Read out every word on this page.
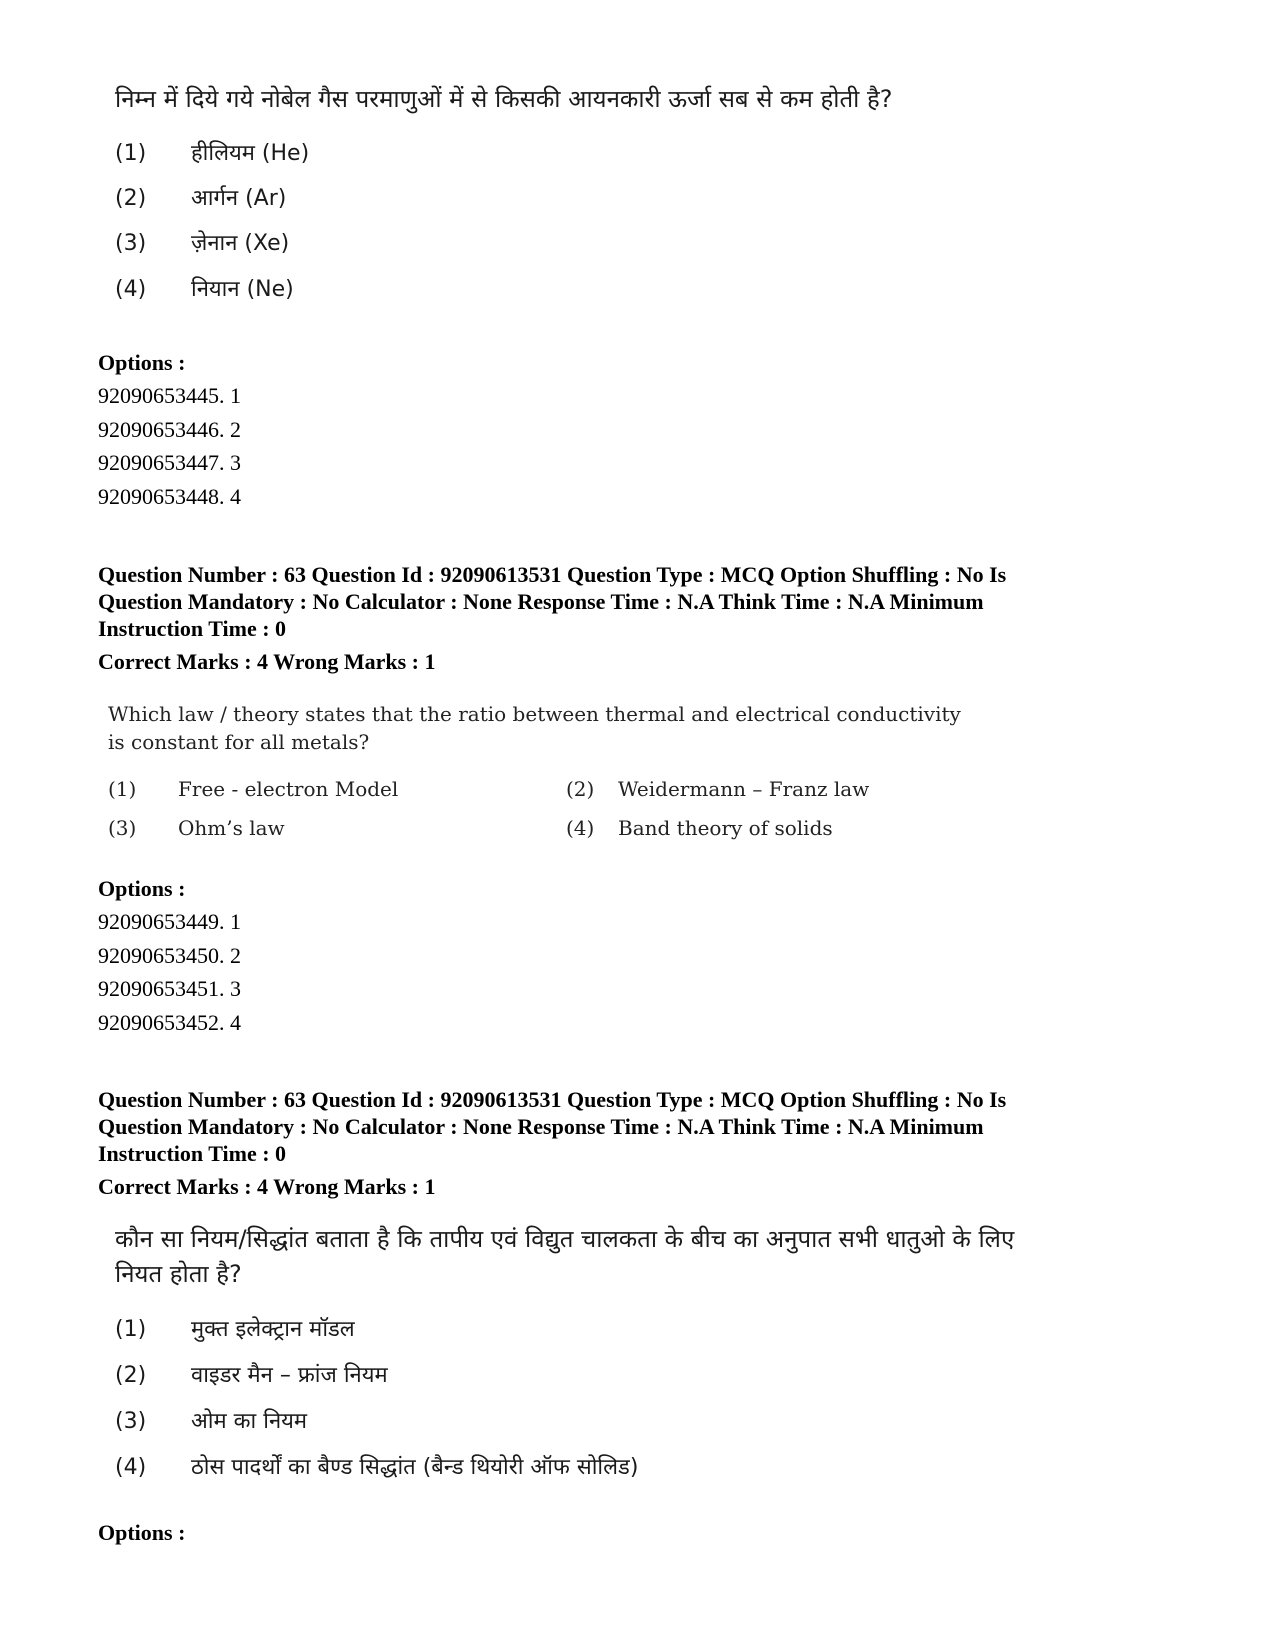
निम्न में दिये गये नोबेल गैस परमाणुओं में से किसकी आयनकारी ऊर्जा सब से कम होती है?
(1) हीलियम (He)
(2) आर्गन (Ar)
(3) ज़ेनान (Xe)
(4) नियान (Ne)
Options :
92090653445. 1
92090653446. 2
92090653447. 3
92090653448. 4
Question Number : 63 Question Id : 92090613531 Question Type : MCQ Option Shuffling : No Is
Question Mandatory : No Calculator : None Response Time : N.A Think Time : N.A Minimum
Instruction Time : 0
Correct Marks : 4 Wrong Marks : 1
Which law / theory states that the ratio between thermal and electrical conductivity
is constant for all metals?
(1) Free - electron Model	(2) Weidermann – Franz law
(3) Ohm’s law	(4) Band theory of solids
Options :
92090653449. 1
92090653450. 2
92090653451. 3
92090653452. 4
Question Number : 63 Question Id : 92090613531 Question Type : MCQ Option Shuffling : No Is
Question Mandatory : No Calculator : None Response Time : N.A Think Time : N.A Minimum
Instruction Time : 0
Correct Marks : 4 Wrong Marks : 1
कौन सा नियम/सिद्धांत बताता है कि तापीय एवं विद्युत चालकता के बीच का अनुपात सभी धातुओ के लिए
नियत होता है?
(1) मुक्त इलेक्ट्रान मॉडल
(2) वाइडर मैन – फ्रांज नियम
(3) ओम का नियम
(4) ठोस पादर्थों का बैण्ड सिद्धांत (बैन्ड थियोरी ऑफ सोलिड)
Options :
